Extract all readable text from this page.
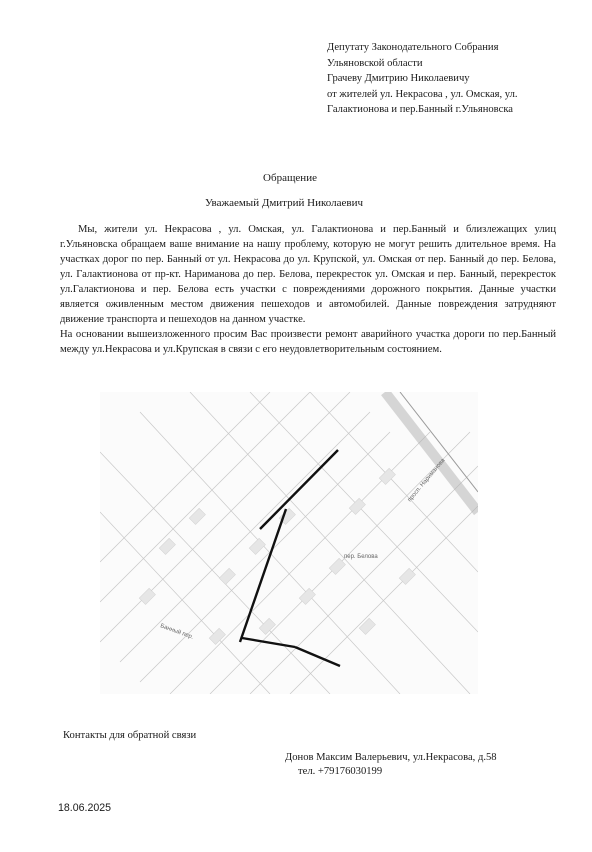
Депутату Законодательного Собрания
Ульяновской области
Грачеву Дмитрию Николаевичу
от жителей ул. Некрасова , ул. Омская, ул.
Галактионова и пер.Банный г.Ульяновска
Обращение
Уважаемый Дмитрий Николаевич

Мы, жители ул. Некрасова , ул. Омская, ул. Галактионова и пер.Банный и близлежащих улиц г.Ульяновска обращаем ваше внимание на нашу проблему, которую не могут решить длительное время. На участках дорог по пер. Банный от ул. Некрасова до ул. Крупской, ул. Омская от пер. Банный до пер. Белова, ул. Галактионова от пр-кт. Нариманова до пер. Белова, перекресток ул. Омская и пер. Банный, перекресток ул.Галактионова и пер. Белова есть участки с повреждениями дорожного покрытия. Данные участки является оживленным местом движения пешеходов и автомобилей. Данные повреждения затрудняют движение транспорта и пешеходов на данном участке.

На основании вышеизложенного просим Вас произвести ремонт аварийного участка дороги по пер.Банный между ул.Некрасова и ул.Крупская в связи с его неудовлетворительным состоянием.

пер. Белова
Банный пер.
просп. Нариманова
Контакты для обратной связи
Донов Максим Валерьевич, ул.Некрасова, д.58
тел. +79176030199
18.06.2025
